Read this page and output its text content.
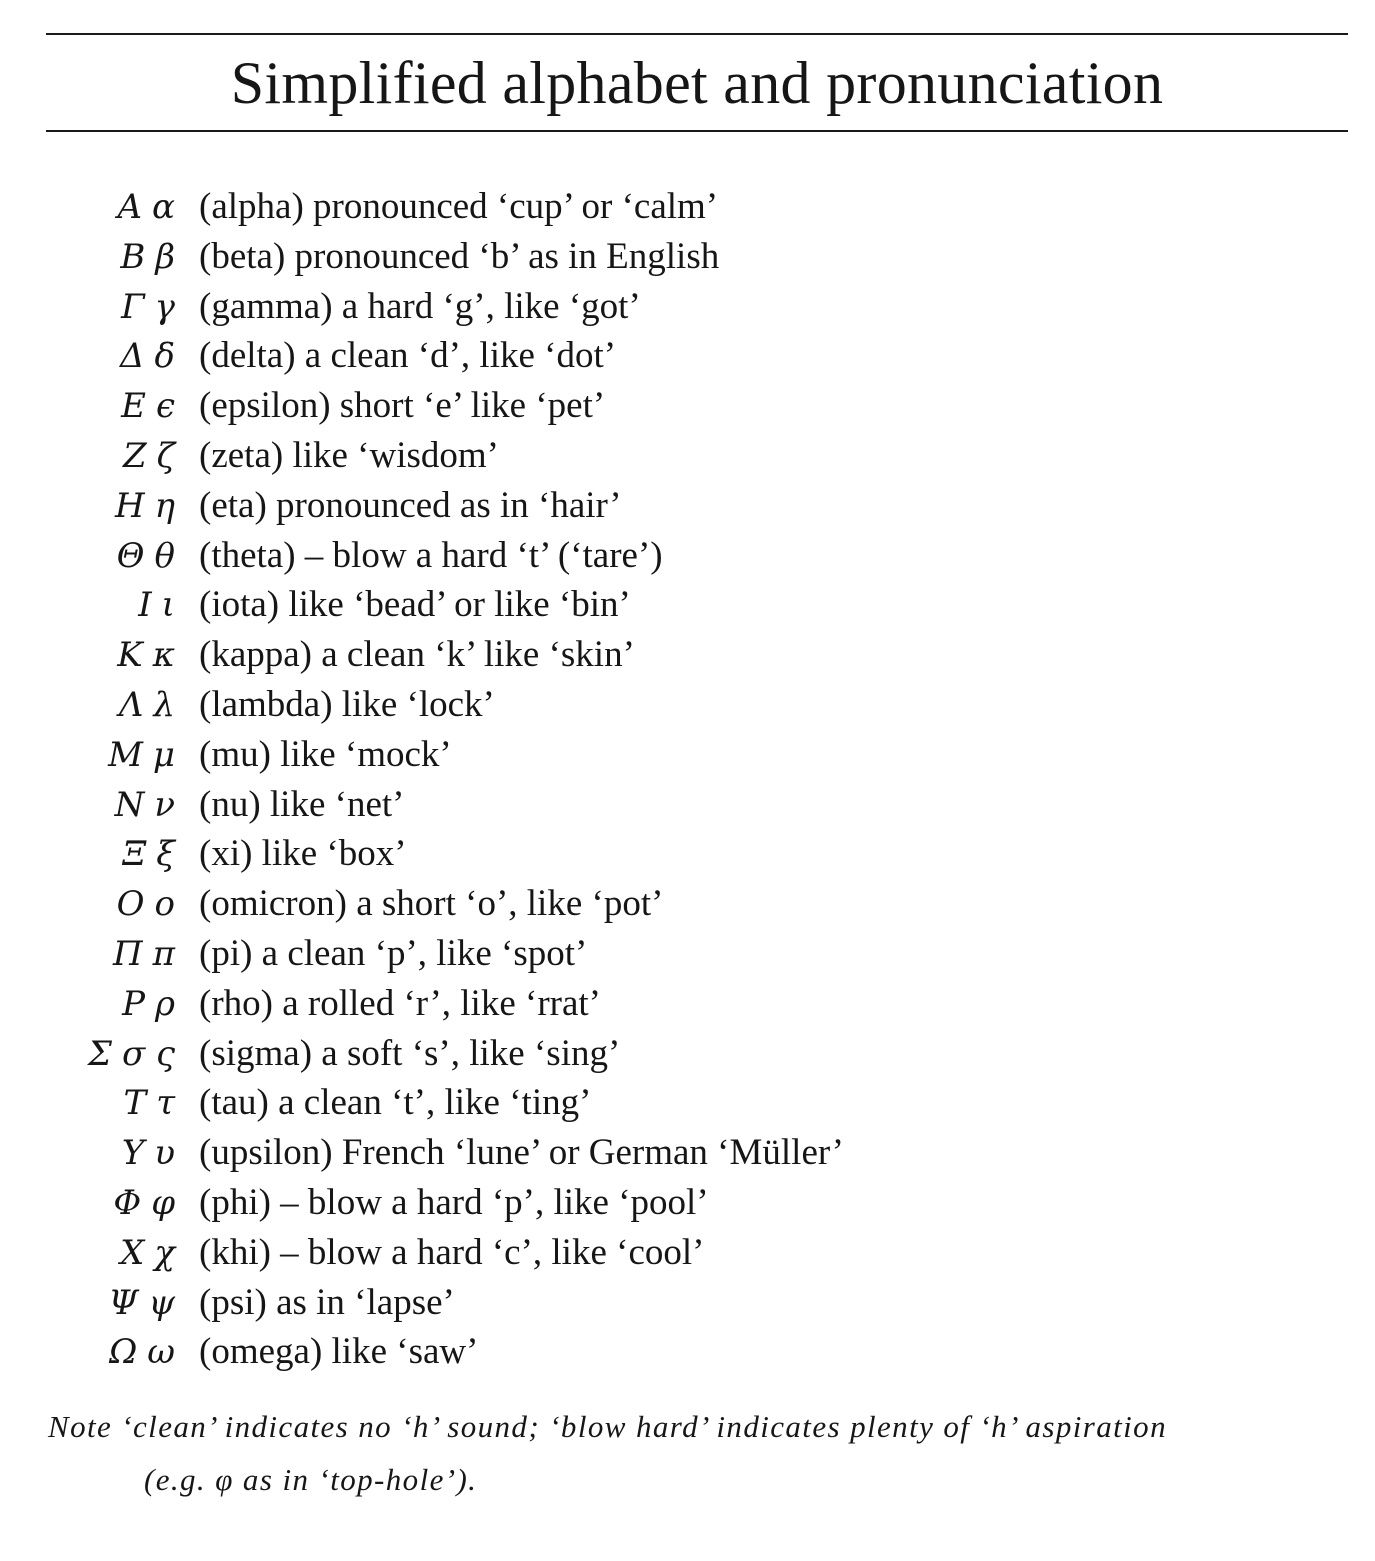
Simplified alphabet and pronunciation
Α α (alpha) pronounced ‘cup’ or ‘calm’
Β β (beta) pronounced ‘b’ as in English
Γ γ (gamma) a hard ‘g’, like ‘got’
Δ δ (delta) a clean ‘d’, like ‘dot’
Ε ϵ (epsilon) short ‘e’ like ‘pet’
Ζ ζ (zeta) like ‘wisdom’
Η η (eta) pronounced as in ‘hair’
Θ θ (theta) – blow a hard ‘t’ (‘tare’)
Ι ι (iota) like ‘bead’ or like ‘bin’
Κ κ (kappa) a clean ‘k’ like ‘skin’
Λ λ (lambda) like ‘lock’
Μ μ (mu) like ‘mock’
Ν ν (nu) like ‘net’
Ξ ξ (xi) like ‘box’
Ο ο (omicron) a short ‘o’, like ‘pot’
Π π (pi) a clean ‘p’, like ‘spot’
Ρ ρ (rho) a rolled ‘r’, like ‘rrat’
Σ σ ς (sigma) a soft ‘s’, like ‘sing’
Τ τ (tau) a clean ‘t’, like ‘ting’
Υ υ (upsilon) French ‘lune’ or German ‘Müller’
Φ φ (phi) – blow a hard ‘p’, like ‘pool’
Χ χ (khi) – blow a hard ‘c’, like ‘cool’
Ψ ψ (psi) as in ‘lapse’
Ω ω (omega) like ‘saw’

Note ‘clean’ indicates no ‘h’ sound; ‘blow hard’ indicates plenty of ‘h’ aspiration
(e.g. φ as in ‘top-hole’).
